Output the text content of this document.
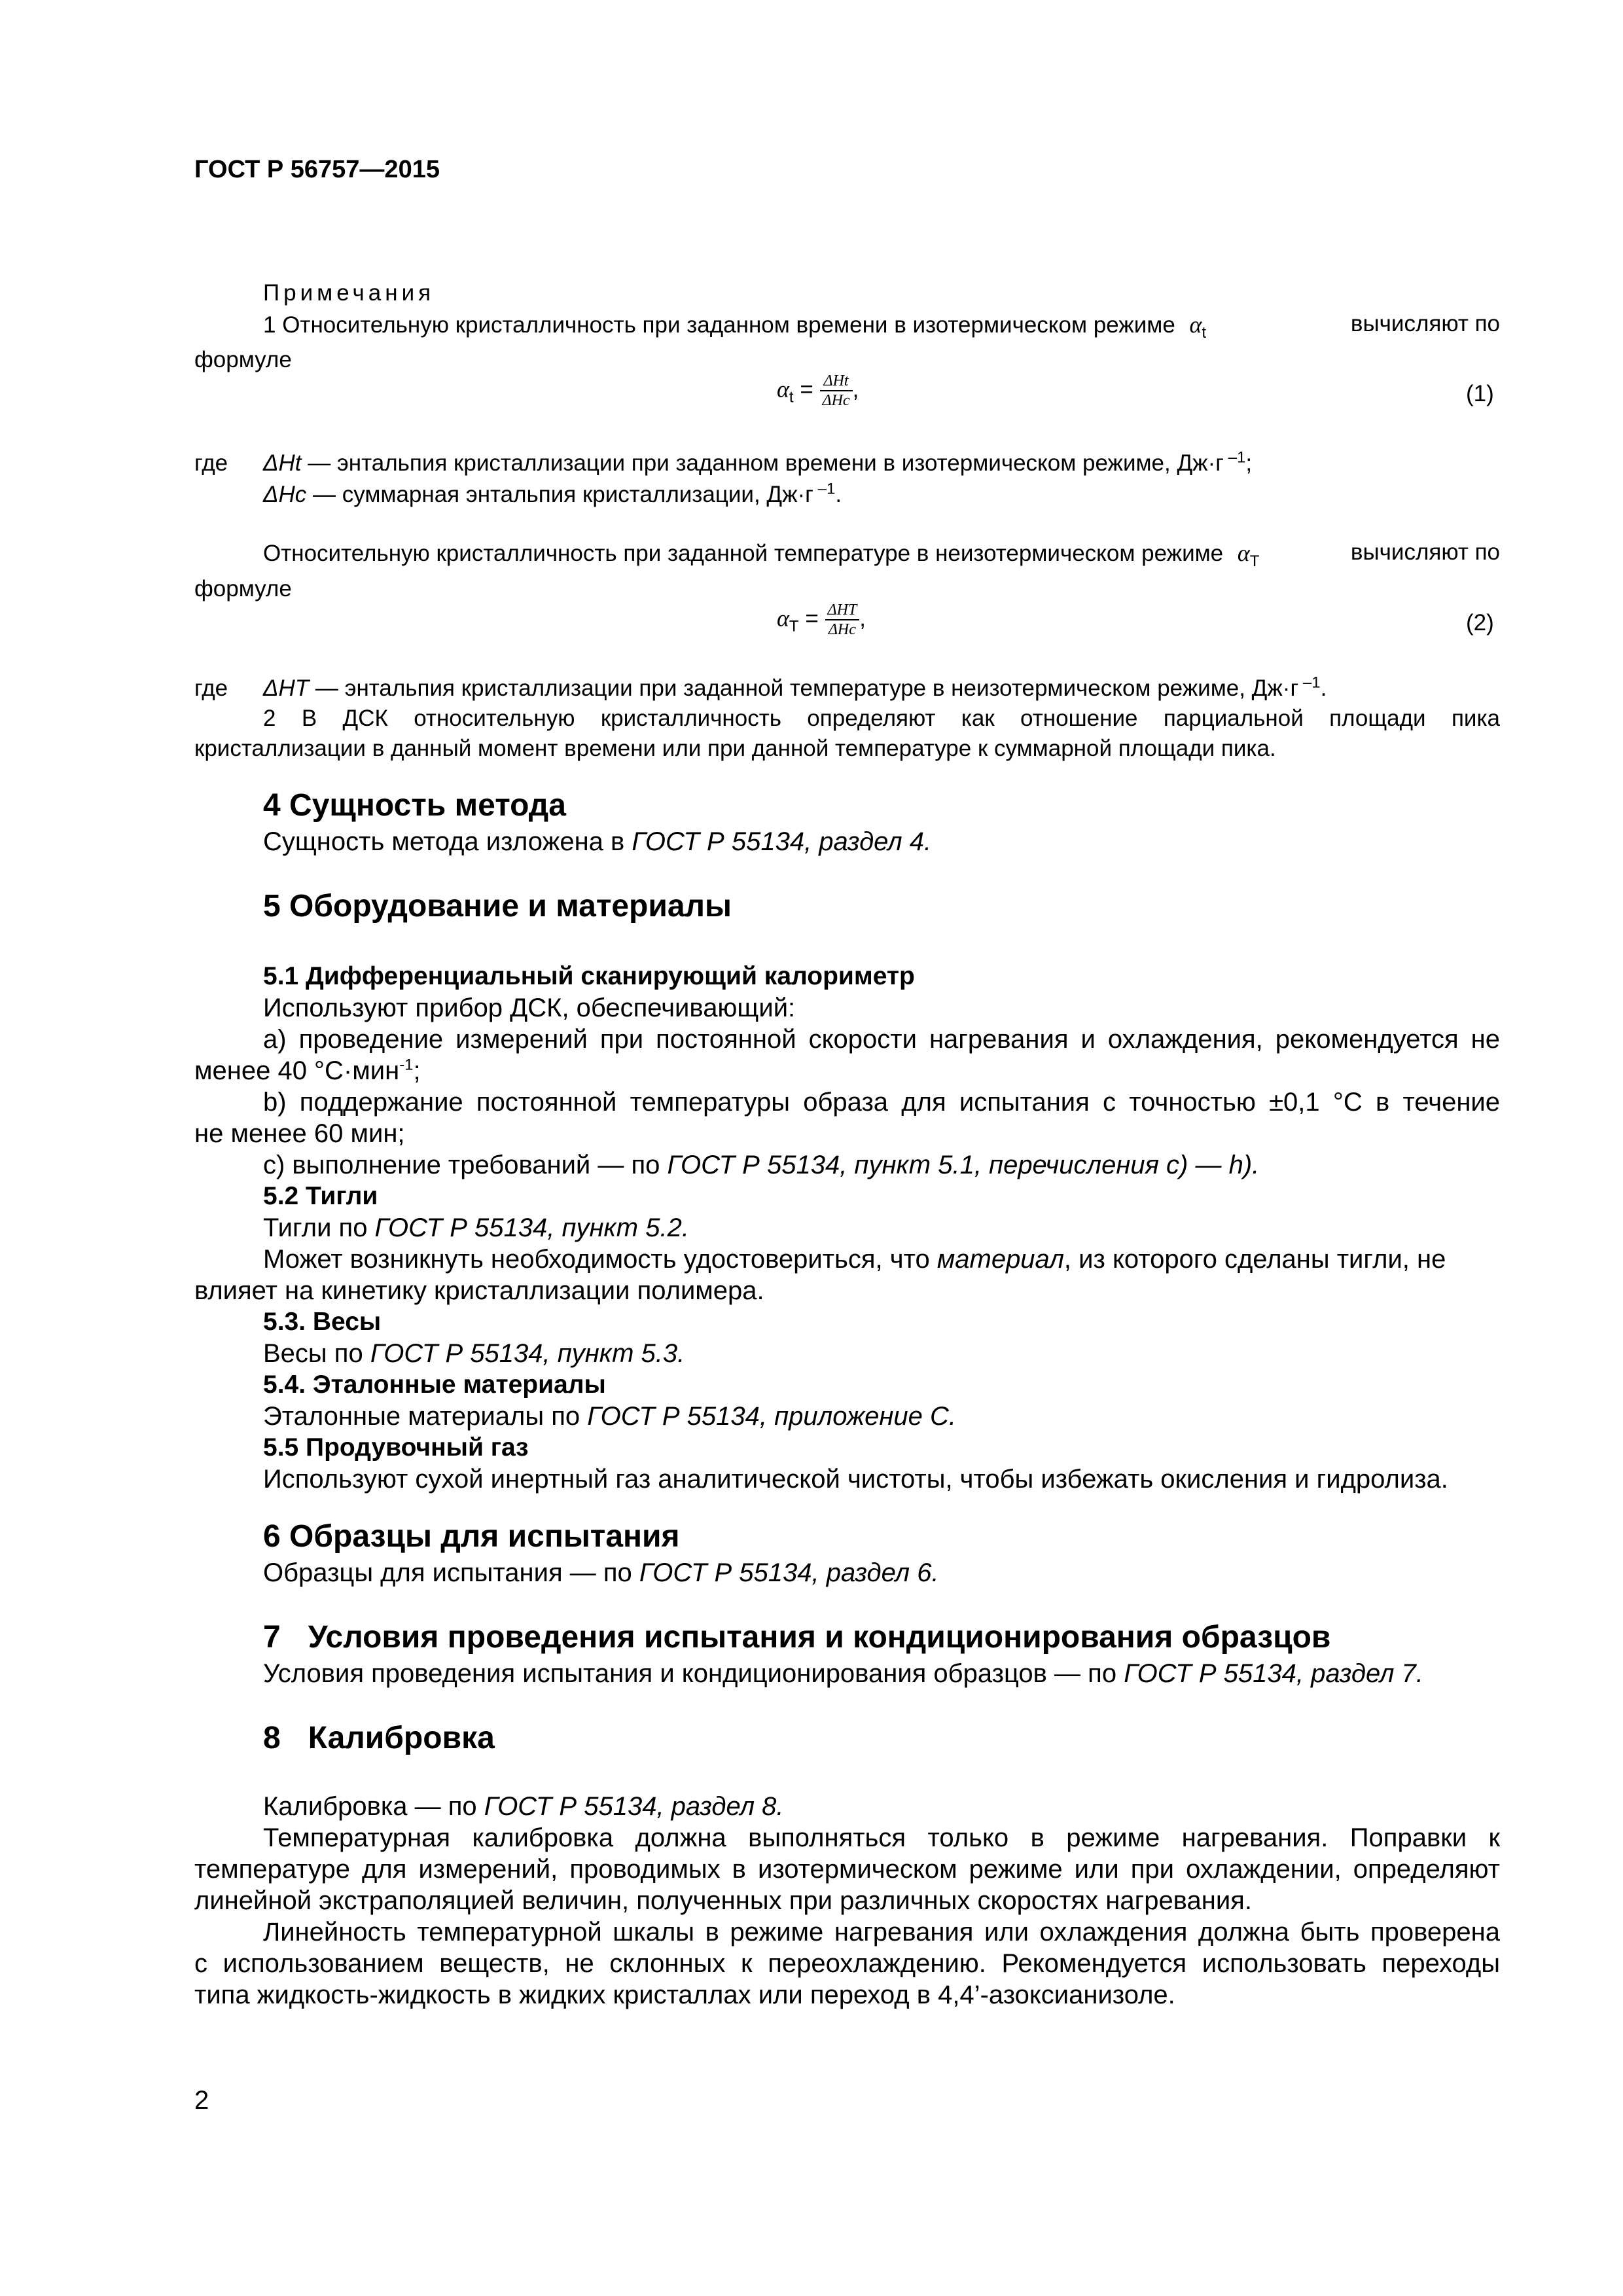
ГОСТ Р 56757—2015
Примечания
1 Относительную кристалличность при заданном времени в изотермическом режиме $\alpha_t$	вычисляют по
формуле
$\alpha_t = \frac{\text{ΔHt}}{\text{ΔHc}}$ ,	(1)
где ΔHt — энтальпия кристаллизации при заданном времени в изотермическом режиме, Дж·г $^{-1}$;
ΔHc — суммарная энтальпия кристаллизации, Дж·г $^{-1}$.
Относительную кристалличность при заданной температуре в неизотермическом режиме $\alpha_T$	вычисляют по
формуле
$\alpha_T = \frac{\text{ΔHT}}{\text{ΔHc}}$ ,	(2)
где ΔHT — энтальпия кристаллизации при заданной температуре в неизотермическом режиме, Дж·г $^{-1}$.
2 В ДСК относительную кристалличность определяют как отношение парциальной площади пика
кристаллизации в данный момент времени или при данной температуре к суммарной площади пика.
4 Сущность метода
Сущность метода изложена в ГОСТ Р 55134, раздел 4.
5 Оборудование и материалы
5.1 Дифференциальный сканирующий калориметр
Используют прибор ДСК, обеспечивающий:
a) проведение измерений при постоянной скорости нагревания и охлаждения, рекомендуется не
менее 40 °С·мин$^{-1}$;
b) поддержание постоянной температуры образа для испытания с точностью ±0,1 °С в течение
не менее 60 мин;
c) выполнение требований — по ГОСТ Р 55134, пункт 5.1, перечисления с) — h).
5.2 Тигли
Тигли по ГОСТ Р 55134, пункт 5.2.
Может возникнуть необходимость удостовериться, что материал, из которого сделаны тигли, не
влияет на кинетику кристаллизации полимера.
5.3. Весы
Весы по ГОСТ Р 55134, пункт 5.3.
5.4. Эталонные материалы
Эталонные материалы по ГОСТ Р 55134, приложение С.
5.5 Продувочный газ
Используют сухой инертный газ аналитической чистоты, чтобы избежать окисления и гидролиза.
6 Образцы для испытания
Образцы для испытания — по ГОСТ Р 55134, раздел 6.
7 Условия проведения испытания и кондиционирования образцов
Условия проведения испытания и кондиционирования образцов — по ГОСТ Р 55134, раздел 7.
8 Калибровка
Калибровка — по ГОСТ Р 55134, раздел 8.
Температурная калибровка должна выполняться только в режиме нагревания. Поправки к
температуре для измерений, проводимых в изотермическом режиме или при охлаждении, определяют
линейной экстраполяцией величин, полученных при различных скоростях нагревания.
Линейность температурной шкалы в режиме нагревания или охлаждения должна быть проверена
с использованием веществ, не склонных к переохлаждению. Рекомендуется использовать переходы
типа жидкость-жидкость в жидких кристаллах или переход в 4,4’-азоксианизоле.
2
